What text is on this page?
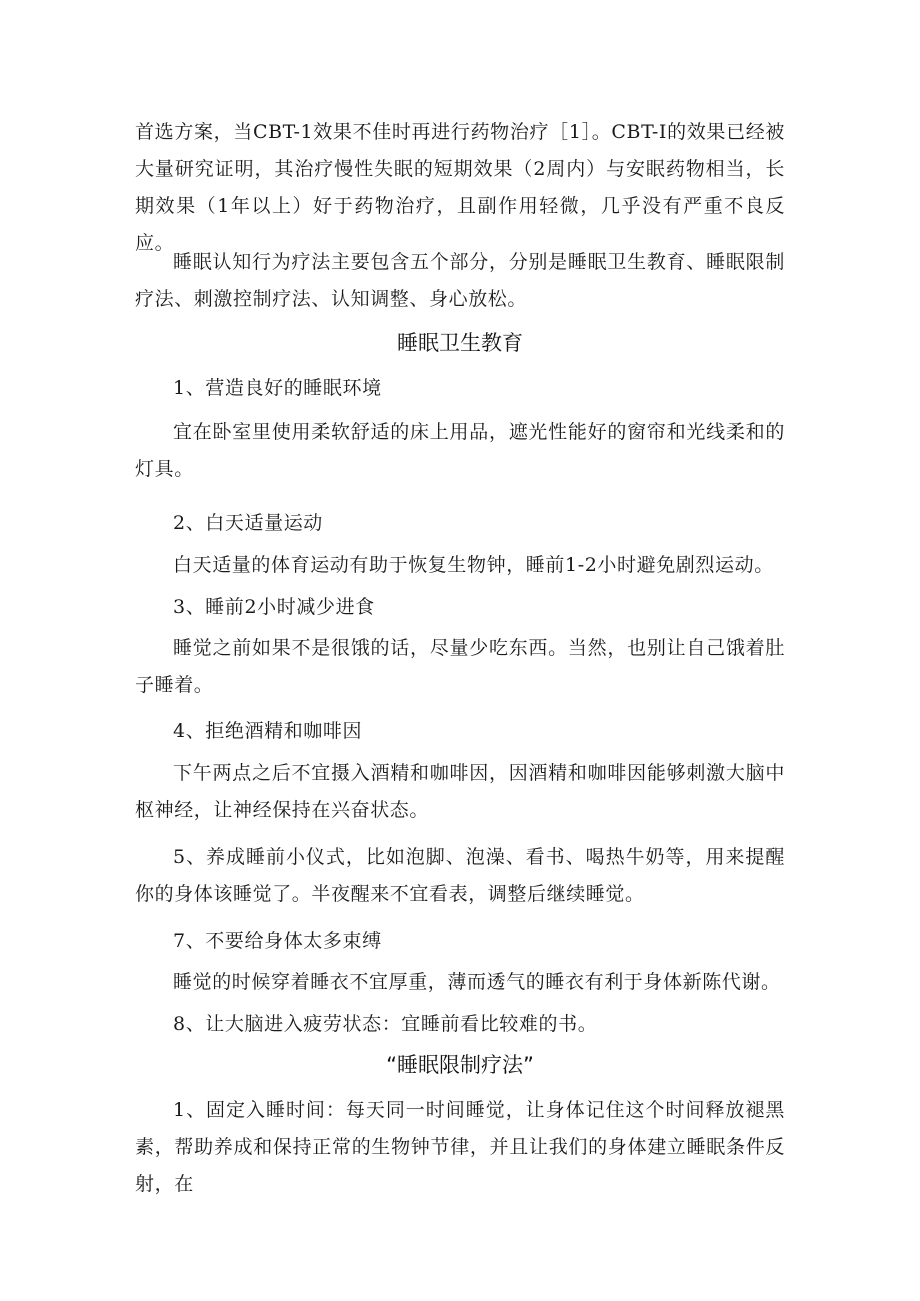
首选方案，当CBT-1效果不佳时再进行药物治疗［1］。CBT-I的效果已经被大量研究证明，其治疗慢性失眠的短期效果（2周内）与安眠药物相当，长期效果（1年以上）好于药物治疗，且副作用轻微，几乎没有严重不良反应。

睡眠认知行为疗法主要包含五个部分，分别是睡眠卫生教育、睡眠限制疗法、刺激控制疗法、认知调整、身心放松。

睡眠卫生教育

1、营造良好的睡眠环境

宜在卧室里使用柔软舒适的床上用品，遮光性能好的窗帘和光线柔和的灯具。

2、白天适量运动

白天适量的体育运动有助于恢复生物钟，睡前1-2小时避免剧烈运动。

3、睡前2小时减少进食

睡觉之前如果不是很饿的话，尽量少吃东西。当然，也别让自己饿着肚子睡着。

4、拒绝酒精和咖啡因

下午两点之后不宜摄入酒精和咖啡因，因酒精和咖啡因能够刺激大脑中枢神经，让神经保持在兴奋状态。

5、养成睡前小仪式，比如泡脚、泡澡、看书、喝热牛奶等，用来提醒你的身体该睡觉了。半夜醒来不宜看表，调整后继续睡觉。

7、不要给身体太多束缚

睡觉的时候穿着睡衣不宜厚重，薄而透气的睡衣有利于身体新陈代谢。

8、让大脑进入疲劳状态：宜睡前看比较难的书。

“睡眠限制疗法”

1、固定入睡时间：每天同一时间睡觉，让身体记住这个时间释放褪黑素，帮助养成和保持正常的生物钟节律，并且让我们的身体建立睡眠条件反射，在
